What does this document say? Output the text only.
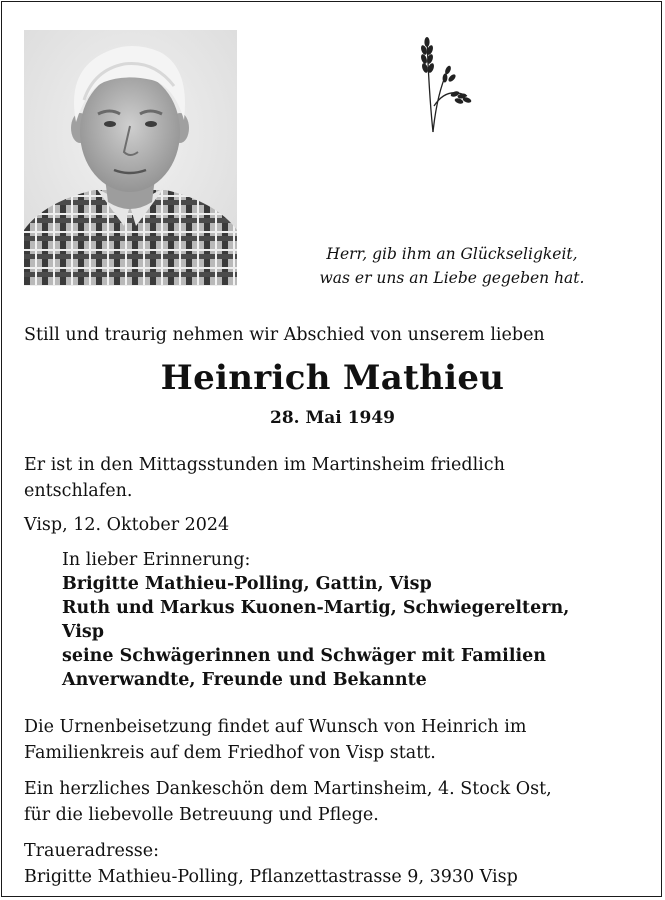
Herr, gib ihm an Glückseligkeit,
was er uns an Liebe gegeben hat.
Still und traurig nehmen wir Abschied von unserem lieben
Heinrich Mathieu
28. Mai 1949
Er ist in den Mittagsstunden im Martinsheim friedlich
entschlafen.
Visp, 12. Oktober 2024
In lieber Erinnerung:
Brigitte Mathieu-Polling, Gattin, Visp
Ruth und Markus Kuonen-Martig, Schwiegereltern,
Visp
seine Schwägerinnen und Schwäger mit Familien
Anverwandte, Freunde und Bekannte
Die Urnenbeisetzung findet auf Wunsch von Heinrich im
Familienkreis auf dem Friedhof von Visp statt.
Ein herzliches Dankeschön dem Martinsheim, 4. Stock Ost,
für die liebevolle Betreuung und Pflege.
Traueradresse:
Brigitte Mathieu-Polling, Pflanzettastrasse 9, 3930 Visp
